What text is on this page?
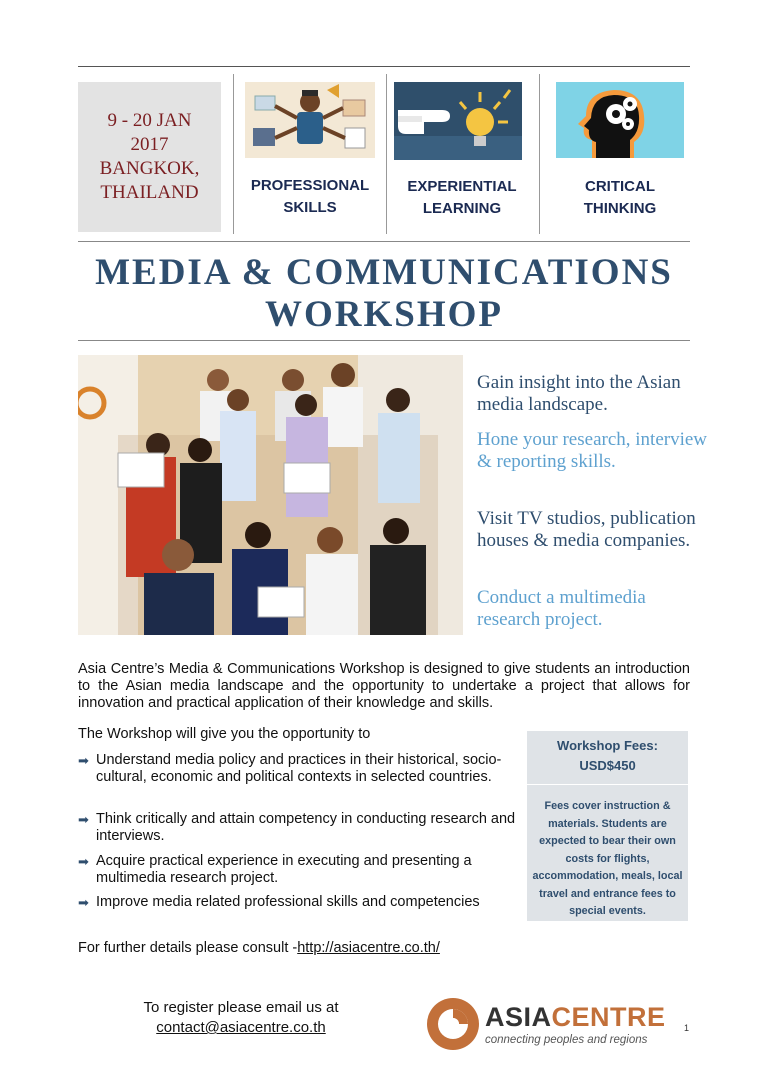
9 - 20 JAN
2017
BANGKOK,
THAILAND	PROFESSIONAL
SKILLS
EXPERIENTIAL
LEARNING
CRITICAL
THINKING
MEDIA & COMMUNICATIONS
WORKSHOP
Gain insight into the Asian media landscape.
Hone your research, interview & reporting skills.
Visit TV studios, publication houses & media companies.
Conduct a multimedia research project.
Asia Centre’s Media & Communications Workshop is designed to give students an introduction to the Asian media landscape and the opportunity to undertake a project that allows for innovation and practical application of their knowledge and skills.
The Workshop will give you the opportunity to
➡ Understand media policy and practices in their historical, socio-cultural, economic and political contexts in selected countries.
➡ Think critically and attain competency in conducting research and interviews.
➡ Acquire practical experience in executing and presenting a multimedia research project.
➡ Improve media related professional skills and competencies
Workshop Fees:
USD$450
Fees cover instruction & materials. Students are expected to bear their own costs for flights, accommodation, meals, local travel and entrance fees to special events.
For further details please consult -http://asiacentre.co.th/
To register please email us at
contact@asiacentre.co.th	ASIACENTRE
connecting peoples and regions
1
